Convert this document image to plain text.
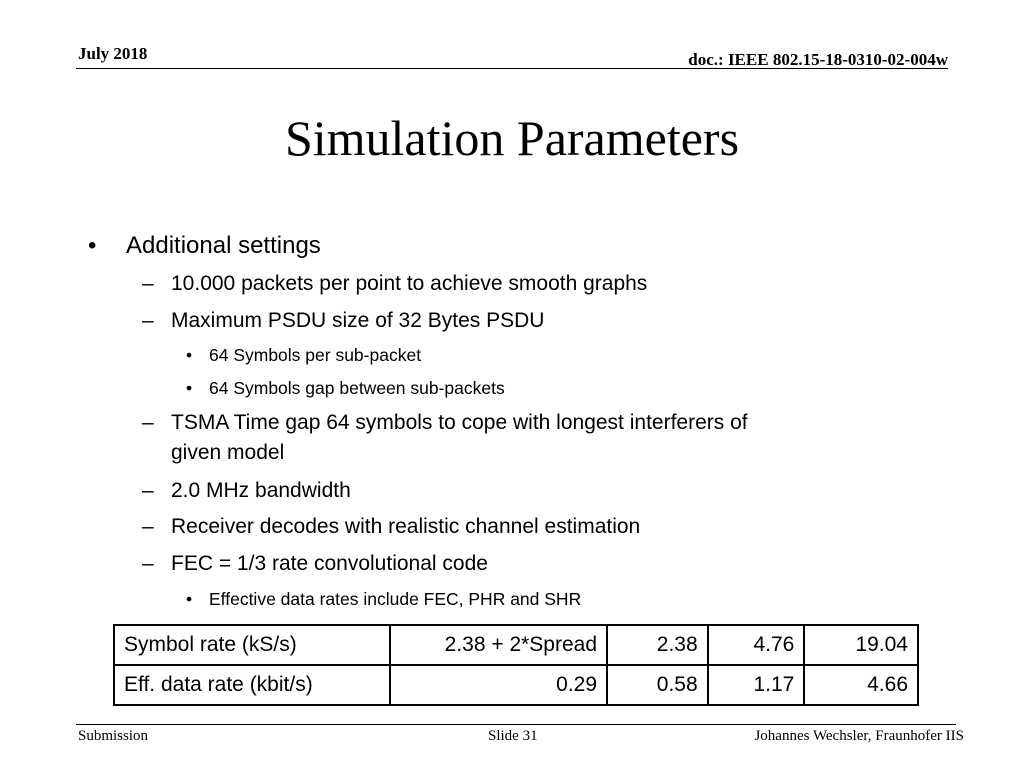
July 2018	doc.: IEEE 802.15-18-0310-02-004w
Simulation Parameters
• Additional settings
– 10.000 packets per point to achieve smooth graphs
– Maximum PSDU size of 32 Bytes PSDU
• 64 Symbols per sub-packet
• 64 Symbols gap between sub-packets
– TSMA Time gap 64 symbols to cope with longest interferers of
given model
– 2.0 MHz bandwidth
– Receiver decodes with realistic channel estimation
– FEC = 1/3 rate convolutional code
• Effective data rates include FEC, PHR and SHR
Symbol rate (kS/s)	2.38 + 2*Spread	2.38	4.76	19.04
Eff. data rate (kbit/s)	0.29	0.58	1.17	4.66
Submission	Slide 31	Johannes Wechsler, Fraunhofer IIS
